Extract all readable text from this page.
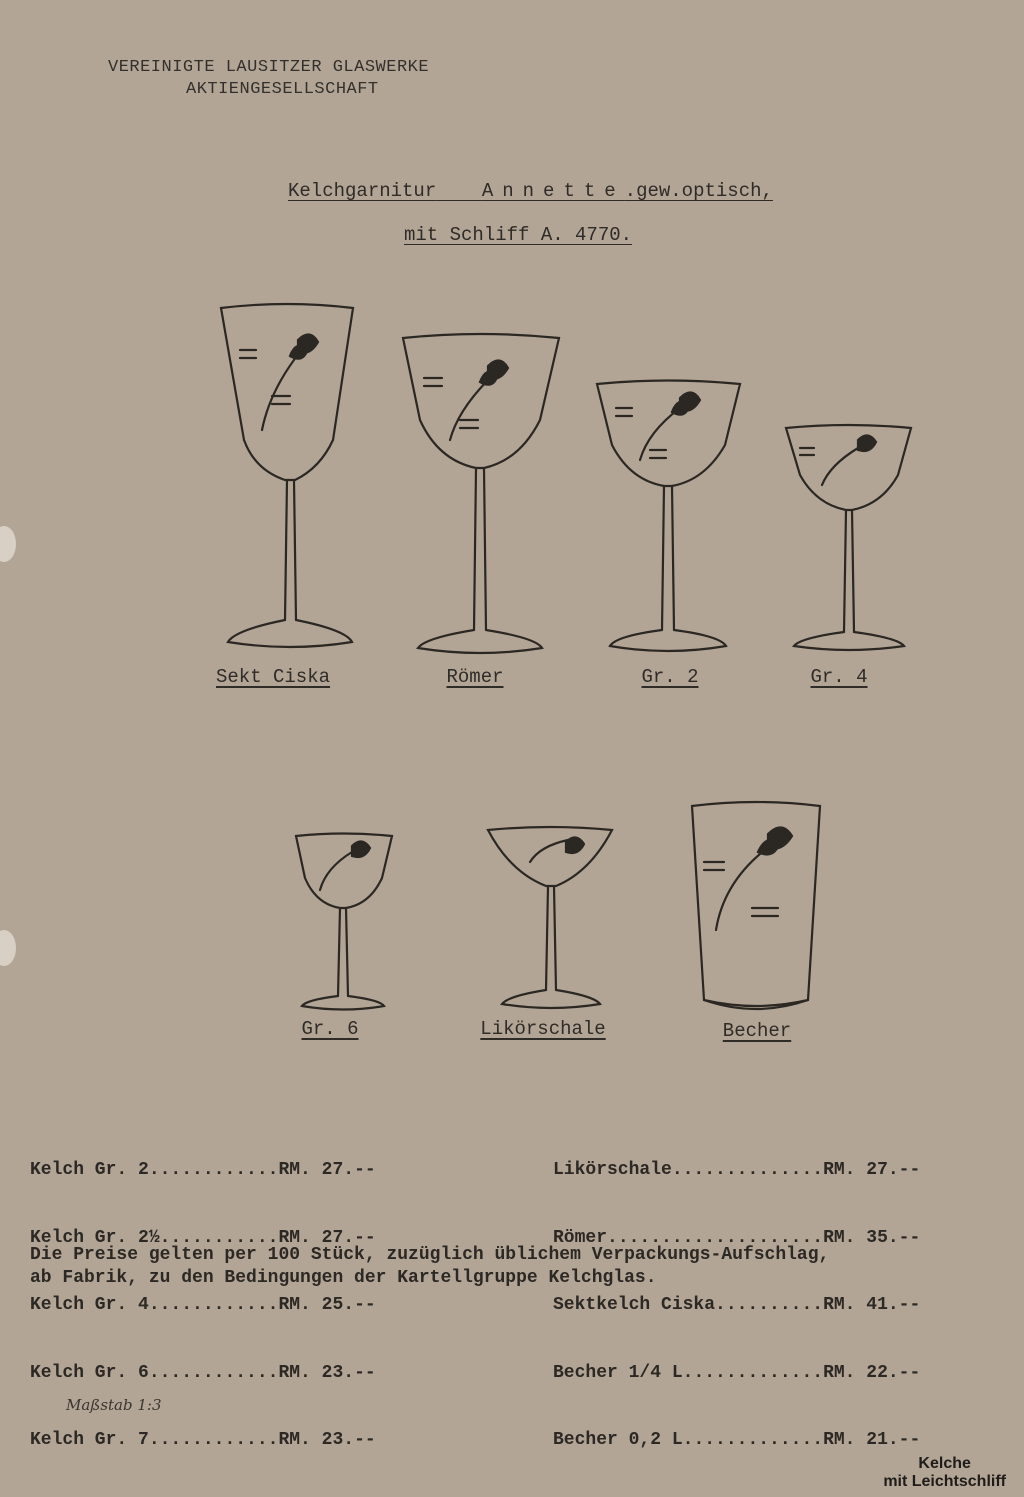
VEREINIGTE LAUSITZER GLASWERKE
AKTIENGESELLSCHAFT
Kelchgarnitur Annette.gew.optisch,
mit Schliff A. 4770.
Sekt Ciska	Römer	Gr. 2	Gr. 4
Gr. 6	Likörschale	Becher

Kelch Gr. 2............RM. 27.--

Kelch Gr. 2½...........RM. 27.--

Kelch Gr. 4............RM. 25.--

Kelch Gr. 6............RM. 23.--

Kelch Gr. 7............RM. 23.--

Likörschale..............RM. 27.--

Römer....................RM. 35.--

Sektkelch Ciska..........RM. 41.--

Becher 1/4 L.............RM. 22.--

Becher 0,2 L.............RM. 21.--

Die Preise gelten per 100 Stück, zuzüglich üblichem Verpackungs-Aufschlag,
ab Fabrik, zu den Bedingungen der Kartellgruppe Kelchglas.
Maßstab 1:3
Kelche
mit Leichtschliff
